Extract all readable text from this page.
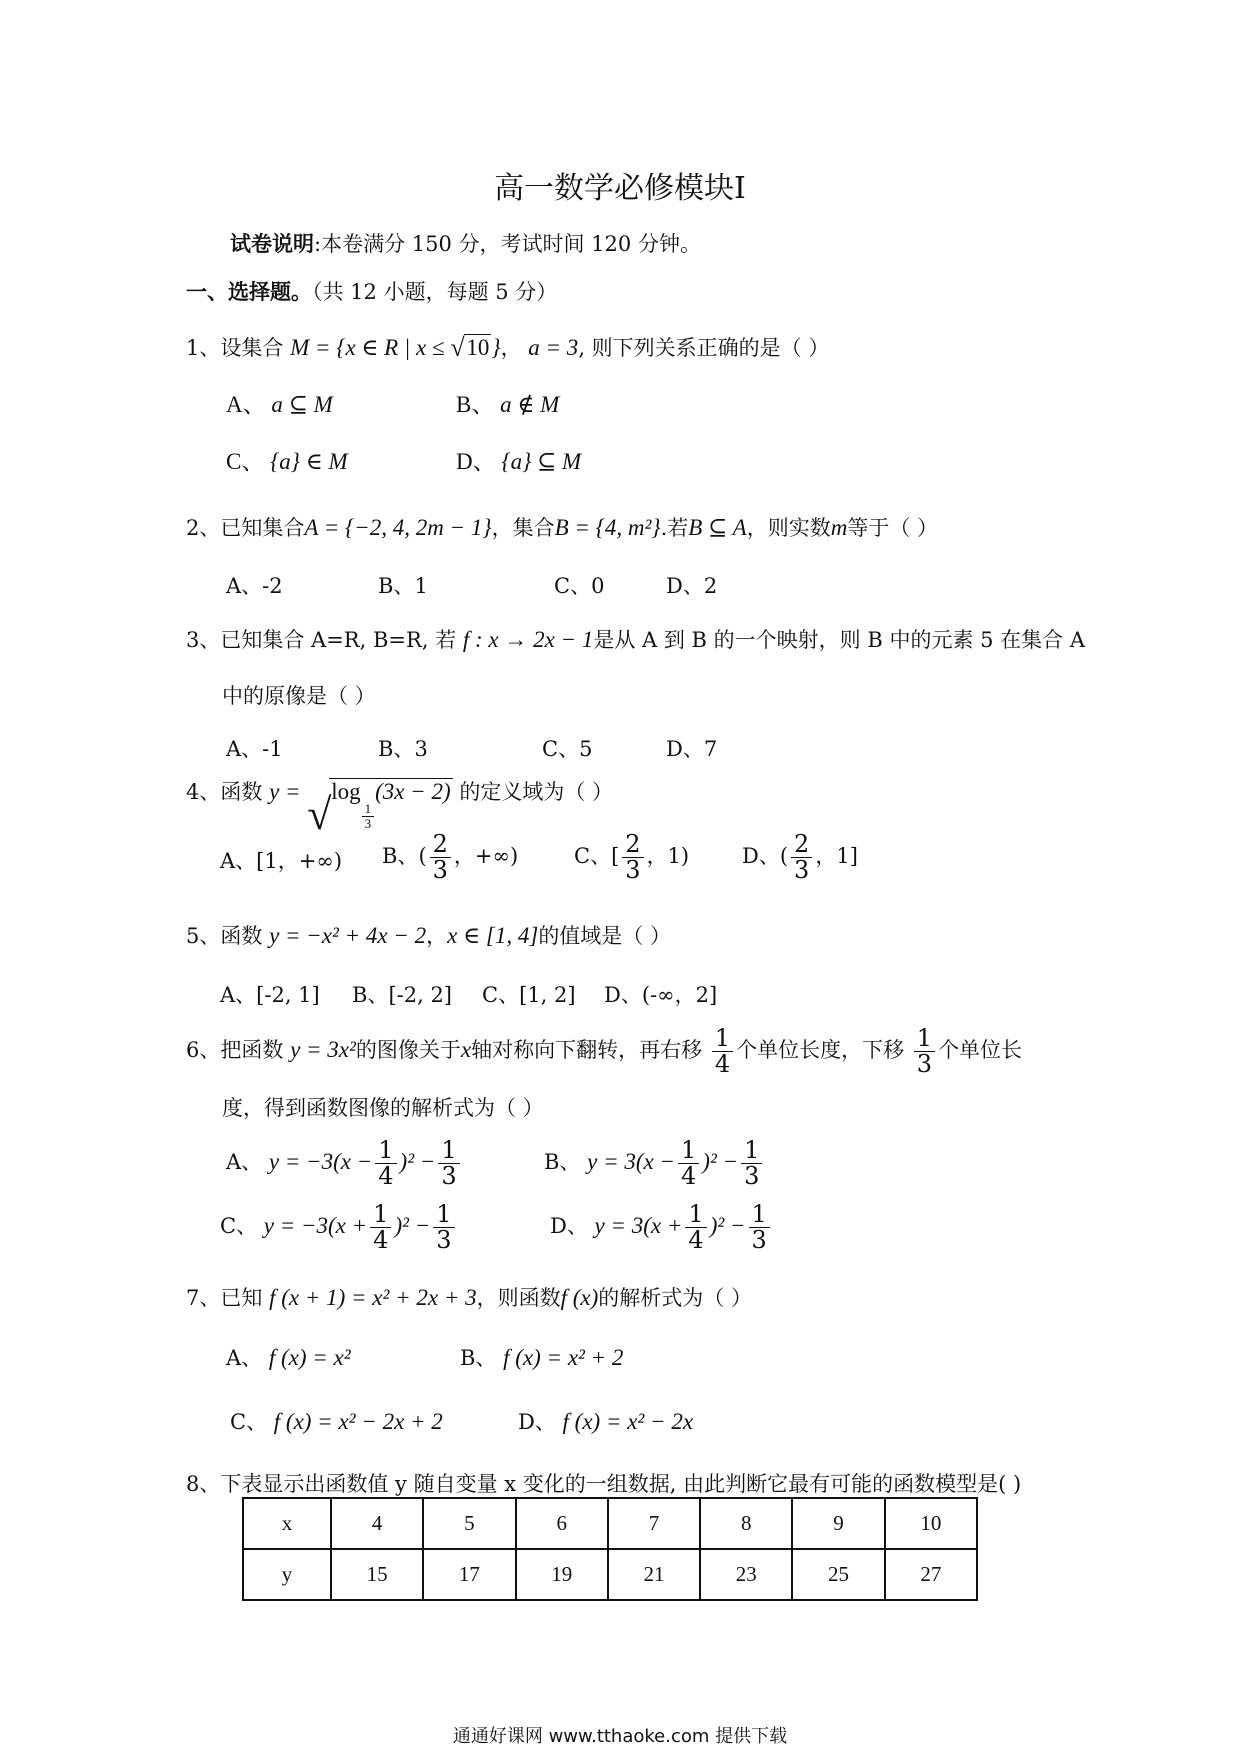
高一数学必修模块Ⅰ
试卷说明:本卷满分 150 分，考试时间 120 分钟。
一、选择题。（共 12 小题，每题 5 分）
1、设集合 M = {x ∈ R | x ≤ √ 10}， a = 3, 则下列关系正确的是（ ）
A、 a ⊆ M	B、 a ∉ M
C、 {a} ∈ M	D、 {a} ⊆ M
2、已知集合A = {−2, 4, 2m − 1}，集合B = {4, m²}.若B ⊆ A，则实数m等于（ ）
A、-2	B、1	C、0	D、2
3、已知集合 A=R, B=R, 若 f : x → 2x − 1是从 A 到 B 的一个映射，则 B 中的元素 5 在集合 A
中的原像是（ ）
A、-1	B、3	C、5	D、7
4、函数 y = √ log
$\frac{1}{3}$
(3x − 2) 的定义域为（ ）
A、[1，+∞) B、( $\frac{2}{3}$ ，+∞)	C、[ $\frac{2}{3}$ ，1)	D、( $\frac{2}{3}$ ，1]
5、函数 y = −x² + 4x − 2，x ∈ [1, 4]的值域是（ ）
A、[-2, 1] B、[-2, 2] C、[1, 2] D、(-∞，2]
6、把函数 y = 3x²的图像关于x轴对称向下翻转，再右移 $\frac{1}{4}$ 个单位长度，下移 $\frac{1}{3}$ 个单位长
度，得到函数图像的解析式为（ ）
A、 $y = -3(x - \frac{1}{4} )^2 - \frac{1}{3}$	B、 $y = 3(x - \frac{1}{4} )^2 - \frac{1}{3}$
C、 $y = -3(x + \frac{1}{4} )^2 - \frac{1}{3}$	D、 $y = 3(x + \frac{1}{4} )^2 - \frac{1}{3}$
7、已知 f (x + 1) = x² + 2x + 3，则函数f (x)的解析式为（ ）
A、 f (x) = x²	B、 f (x) = x² + 2
C、 f (x) = x² − 2x + 2	D、 f (x) = x² − 2x
8、下表显示出函数值 y 随自变量 x 变化的一组数据, 由此判断它最有可能的函数模型是( )
x	4	5	6	7	8	9	10
y	15	17	19	21	23	25	27
通通好课网 www.tthaoke.com 提供下载
